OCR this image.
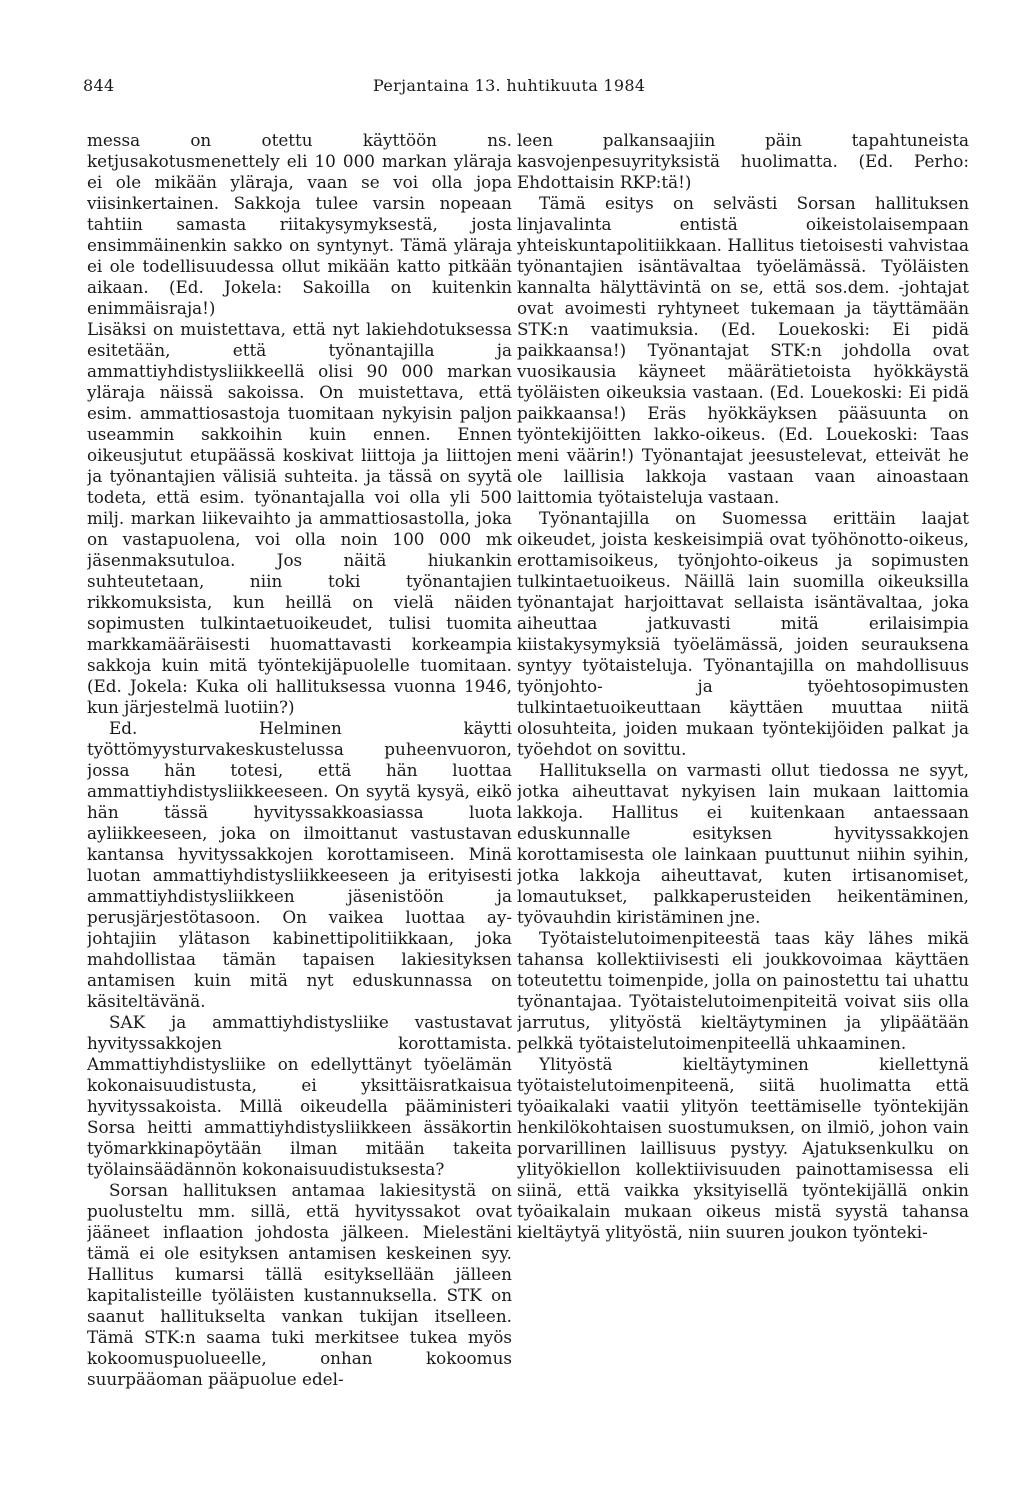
844	Perjantaina 13. huhtikuuta 1984

messa on otettu käyttöön ns. ketjusakotusmenettely eli 10 000 markan yläraja ei ole mikään yläraja, vaan se voi olla jopa viisinkertainen. Sakkoja tulee varsin nopeaan tahtiin samasta riitakysymyksestä, josta ensimmäinenkin sakko on syntynyt. Tämä yläraja ei ole todellisuudessa ollut mikään katto pitkään aikaan. (Ed. Jokela: Sakoilla on kuitenkin enimmäisraja!)

Lisäksi on muistettava, että nyt lakiehdotuksessa esitetään, että työnantajilla ja ammattiyhdistysliikkeellä olisi 90 000 markan yläraja näissä sakoissa. On muistettava, että esim. ammattiosastoja tuomitaan nykyisin paljon useammin sakkoihin kuin ennen. Ennen oikeusjutut etupäässä koskivat liittoja ja liittojen ja työnantajien välisiä suhteita. ja tässä on syytä todeta, että esim. työnantajalla voi olla yli 500 milj. markan liikevaihto ja ammattiosastolla, joka on vastapuolena, voi olla noin 100 000 mk jäsenmaksutuloa. Jos näitä hiukankin suhteutetaan, niin toki työnantajien rikkomuksista, kun heillä on vielä näiden sopimusten tulkintaetuoikeudet, tulisi tuomita markkamääräisesti huomattavasti korkeampia sakkoja kuin mitä työntekijäpuolelle tuomitaan. (Ed. Jokela: Kuka oli hallituksessa vuonna 1946, kun järjestelmä luotiin?)

Ed. Helminen käytti työttömyysturvakeskustelussa puheenvuoron, jossa hän totesi, että hän luottaa ammattiyhdistysliikkeeseen. On syytä kysyä, eikö hän tässä hyvityssakkoasiassa luota ayliikkeeseen, joka on ilmoittanut vastustavan kantansa hyvityssakkojen korottamiseen. Minä luotan ammattiyhdistysliikkeeseen ja erityisesti ammattiyhdistysliikkeen jäsenistöön ja perusjärjestötasoon. On vaikea luottaa ay-johtajiin ylätason kabinettipolitiikkaan, joka mahdollistaa tämän tapaisen lakiesityksen antamisen kuin mitä nyt eduskunnassa on käsiteltävänä.

SAK ja ammattiyhdistysliike vastustavat hyvityssakkojen korottamista. Ammattiyhdistysliike on edellyttänyt työelämän kokonaisuudistusta, ei yksittäisratkaisua hyvityssakoista. Millä oikeudella pääministeri Sorsa heitti ammattiyhdistysliikkeen ässäkortin työmarkkinapöytään ilman mitään takeita työlainsäädännön kokonaisuudistuksesta?

Sorsan hallituksen antamaa lakiesitystä on puolusteltu mm. sillä, että hyvityssakot ovat jääneet inflaation johdosta jälkeen. Mielestäni tämä ei ole esityksen antamisen keskeinen syy. Hallitus kumarsi tällä esityksellään jälleen kapitalisteille työläisten kustannuksella. STK on saanut hallitukselta vankan tukijan itselleen. Tämä STK:n saama tuki merkitsee tukea myös kokoomuspuolueelle, onhan kokoomus suurpääoman pääpuolue edel-

leen palkansaajiin päin tapahtuneista kasvojenpesuyrityksistä huolimatta. (Ed. Perho: Ehdottaisin RKP:tä!)

Tämä esitys on selvästi Sorsan hallituksen linjavalinta entistä oikeistolaisempaan yhteiskuntapolitiikkaan. Hallitus tietoisesti vahvistaa työnantajien isäntävaltaa työelämässä. Työläisten kannalta hälyttävintä on se, että sos.dem. -johtajat ovat avoimesti ryhtyneet tukemaan ja täyttämään STK:n vaatimuksia. (Ed. Louekoski: Ei pidä paikkaansa!) Työnantajat STK:n johdolla ovat vuosikausia käyneet määrätietoista hyökkäystä työläisten oikeuksia vastaan. (Ed. Louekoski: Ei pidä paikkaansa!) Eräs hyökkäyksen pääsuunta on työntekijöitten lakko-oikeus. (Ed. Louekoski: Taas meni väärin!) Työnantajat jeesustelevat, etteivät he ole laillisia lakkoja vastaan vaan ainoastaan laittomia työtaisteluja vastaan.

Työnantajilla on Suomessa erittäin laajat oikeudet, joista keskeisimpiä ovat työhönotto-oikeus, erottamisoikeus, työnjohto-oikeus ja sopimusten tulkintaetuoikeus. Näillä lain suomilla oikeuksilla työnantajat harjoittavat sellaista isäntävaltaa, joka aiheuttaa jatkuvasti mitä erilaisimpia kiistakysymyksiä työelämässä, joiden seurauksena syntyy työtaisteluja. Työnantajilla on mahdollisuus työnjohto- ja työehtosopimusten tulkintaetuoikeuttaan käyttäen muuttaa niitä olosuhteita, joiden mukaan työntekijöiden palkat ja työehdot on sovittu.

Hallituksella on varmasti ollut tiedossa ne syyt, jotka aiheuttavat nykyisen lain mukaan laittomia lakkoja. Hallitus ei kuitenkaan antaessaan eduskunnalle esityksen hyvityssakkojen korottamisesta ole lainkaan puuttunut niihin syihin, jotka lakkoja aiheuttavat, kuten irtisanomiset, lomautukset, palkkaperusteiden heikentäminen, työvauhdin kiristäminen jne.

Työtaistelutoimenpiteestä taas käy lähes mikä tahansa kollektiivisesti eli joukkovoimaa käyttäen toteutettu toimenpide, jolla on painostettu tai uhattu työnantajaa. Työtaistelutoimenpiteitä voivat siis olla jarrutus, ylityöstä kieltäytyminen ja ylipäätään pelkkä työtaistelutoimenpiteellä uhkaaminen.

Ylityöstä kieltäytyminen kiellettynä työtaistelutoimenpiteenä, siitä huolimatta että työaikalaki vaatii ylityön teettämiselle työntekijän henkilökohtaisen suostumuksen, on ilmiö, johon vain porvarillinen laillisuus pystyy. Ajatuksenkulku on ylityökiellon kollektiivisuuden painottamisessa eli siinä, että vaikka yksityisellä työntekijällä onkin työaikalain mukaan oikeus mistä syystä tahansa kieltäytyä ylityöstä, niin suuren joukon työnteki-
